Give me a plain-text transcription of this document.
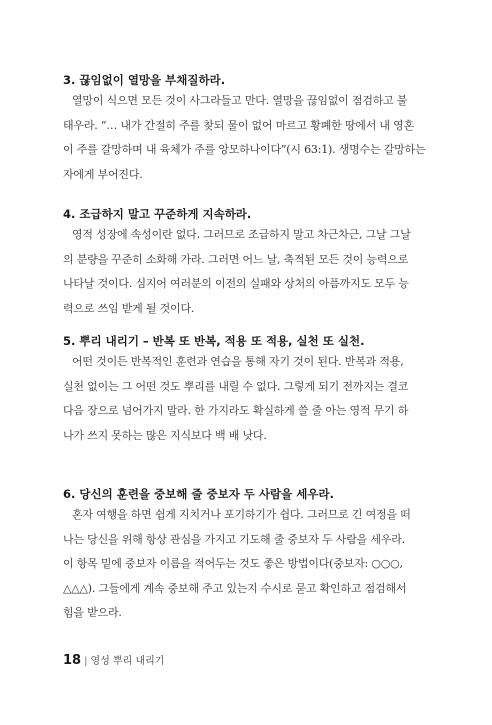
3. 끊임없이 열망을 부채질하라.

열망이 식으면 모든 것이 사그라들고 만다. 열망을 끊임없이 점검하고 불
태우라. “… 내가 간절히 주를 찾되 물이 없어 마르고 황폐한 땅에서 내 영혼
이 주를 갈망하며 내 육체가 주를 앙모하나이다”(시 63:1). 생명수는 갈망하는
자에게 부어진다.

4. 조급하지 말고 꾸준하게 지속하라.

영적 성장에 속성이란 없다. 그러므로 조급하지 말고 차근차근, 그날 그날
의 분량을 꾸준히 소화해 가라. 그러면 어느 날, 축적된 모든 것이 능력으로
나타날 것이다. 심지어 여러분의 이전의 실패와 상처의 아픔까지도 모두 능
력으로 쓰임 받게 될 것이다.

5. 뿌리 내리기 – 반복 또 반복, 적용 또 적용, 실천 또 실천.

어떤 것이든 반복적인 훈련과 연습을 통해 자기 것이 된다. 반복과 적용,
실천 없이는 그 어떤 것도 뿌리를 내릴 수 없다. 그렇게 되기 전까지는 결코
다음 장으로 넘어가지 말라. 한 가지라도 확실하게 쓸 줄 아는 영적 무기 하
나가 쓰지 못하는 많은 지식보다 백 배 낫다.

6. 당신의 훈련을 중보해 줄 중보자 두 사람을 세우라.

혼자 여행을 하면 쉽게 지치거나 포기하기가 쉽다. 그러므로 긴 여정을 떠
나는 당신을 위해 항상 관심을 가지고 기도해 줄 중보자 두 사람을 세우라.
이 항목 밑에 중보자 이름을 적어두는 것도 좋은 방법이다(중보자: ○○○,
△△△). 그들에게 계속 중보해 주고 있는지 수시로 묻고 확인하고 점검해서
힘을 받으라.
18 | 영성 뿌리 내리기
